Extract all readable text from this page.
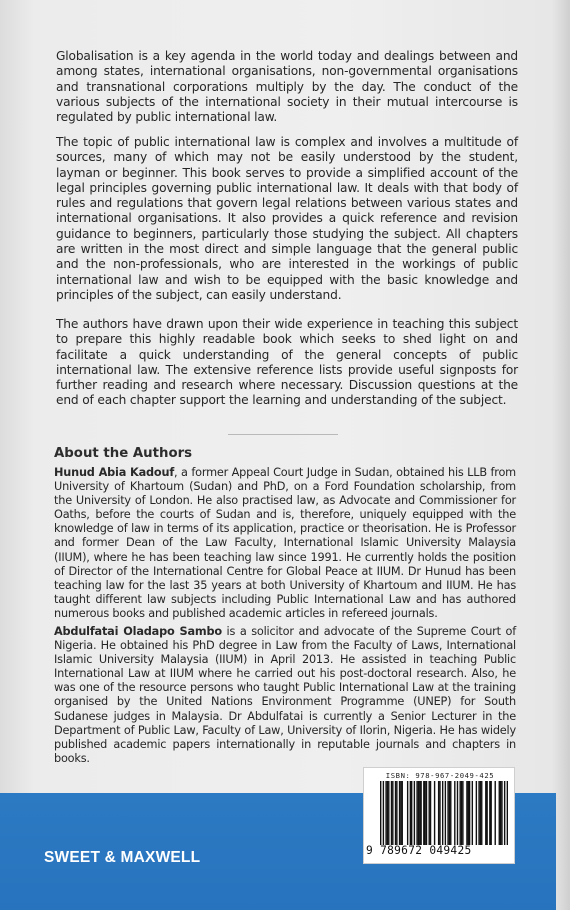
Globalisation is a key agenda in the world today and dealings between and among states, international organisations, non-governmental organisations and transnational corporations multiply by the day. The conduct of the various subjects of the international society in their mutual intercourse is regulated by public international law.

The topic of public international law is complex and involves a multitude of sources, many of which may not be easily understood by the student, layman or beginner. This book serves to provide a simplified account of the legal principles governing public international law. It deals with that body of rules and regulations that govern legal relations between various states and international organisations. It also provides a quick reference and revision guidance to beginners, particularly those studying the subject. All chapters are written in the most direct and simple language that the general public and the non-professionals, who are interested in the workings of public international law and wish to be equipped with the basic knowledge and principles of the subject, can easily understand.

The authors have drawn upon their wide experience in teaching this subject to prepare this highly readable book which seeks to shed light on and facilitate a quick understanding of the general concepts of public international law. The extensive reference lists provide useful signposts for further reading and research where necessary. Discussion questions at the end of each chapter support the learning and understanding of the subject.

About the Authors

Hunud Abia Kadouf, a former Appeal Court Judge in Sudan, obtained his LLB from University of Khartoum (Sudan) and PhD, on a Ford Foundation scholarship, from the University of London. He also practised law, as Advocate and Commissioner for Oaths, before the courts of Sudan and is, therefore, uniquely equipped with the knowledge of law in terms of its application, practice or theorisation. He is Professor and former Dean of the Law Faculty, International Islamic University Malaysia (IIUM), where he has been teaching law since 1991. He currently holds the position of Director of the International Centre for Global Peace at IIUM. Dr Hunud has been teaching law for the last 35 years at both University of Khartoum and IIUM. He has taught different law subjects including Public International Law and has authored numerous books and published academic articles in refereed journals.

Abdulfatai Oladapo Sambo is a solicitor and advocate of the Supreme Court of Nigeria. He obtained his PhD degree in Law from the Faculty of Laws, International Islamic University Malaysia (IIUM) in April 2013. He assisted in teaching Public International Law at IIUM where he carried out his post-doctoral research. Also, he was one of the resource persons who taught Public International Law at the training organised by the United Nations Environment Programme (UNEP) for South Sudanese judges in Malaysia. Dr Abdulfatai is currently a Senior Lecturer in the Department of Public Law, Faculty of Law, University of Ilorin, Nigeria. He has widely published academic papers internationally in reputable journals and chapters in books.

SWEET & MAXWELL

ISBN: 978-967-2049-425
9 789672 049425
